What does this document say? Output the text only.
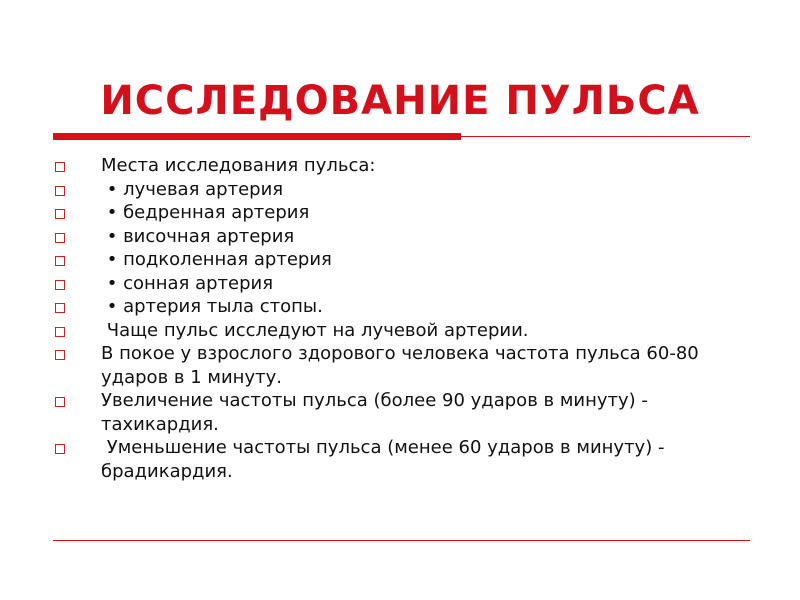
ИССЛЕДОВАНИЕ ПУЛЬСА
Места исследования пульса:
• лучевая артерия
• бедренная артерия
• височная артерия
• подколенная артерия
• сонная артерия
• артерия тыла стопы.
Чаще пульс исследуют на лучевой артерии.
В покое у взрослого здорового человека частота пульса 60-80 ударов в 1 минуту.
Увеличение частоты пульса (более 90 ударов в минуту) - тахикардия.
Уменьшение частоты пульса (менее 60 ударов в минуту) - брадикардия.
